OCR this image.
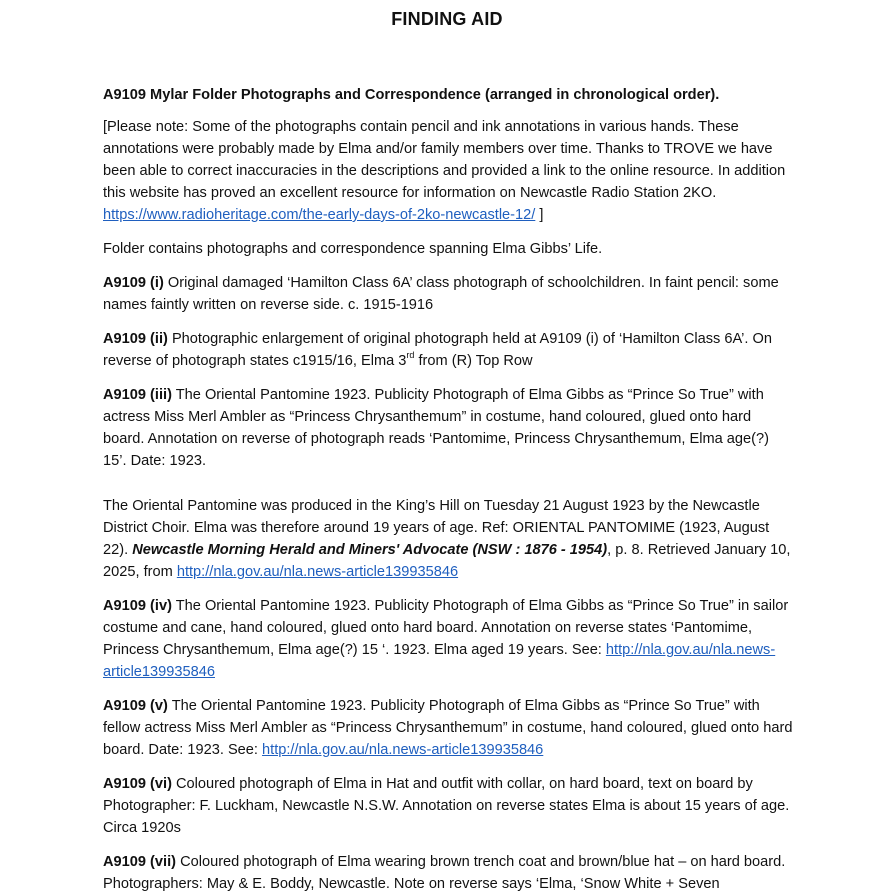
FINDING AID

A9109 Mylar Folder Photographs and Correspondence (arranged in chronological order).

[Please note: Some of the photographs contain pencil and ink annotations in various hands. These annotations were probably made by Elma and/or family members over time. Thanks to TROVE we have been able to correct inaccuracies in the descriptions and provided a link to the online resource. In addition this website has proved an excellent resource for information on Newcastle Radio Station 2KO. https://www.radioheritage.com/the-early-days-of-2ko-newcastle-12/ ]

Folder contains photographs and correspondence spanning Elma Gibbs’ Life.

A9109 (i) Original damaged ‘Hamilton Class 6A’ class photograph of schoolchildren. In faint pencil: some names faintly written on reverse side. c. 1915-1916

A9109 (ii) Photographic enlargement of original photograph held at A9109 (i) of ‘Hamilton Class 6A’. On reverse of photograph states c1915/16, Elma 3rd from (R) Top Row

A9109 (iii) The Oriental Pantomine 1923. Publicity Photograph of Elma Gibbs as “Prince So True” with actress Miss Merl Ambler as “Princess Chrysanthemum” in costume, hand coloured, glued onto hard board. Annotation on reverse of photograph reads ‘Pantomime, Princess Chrysanthemum, Elma age(?) 15’. Date: 1923.

The Oriental Pantomine was produced in the King’s Hill on Tuesday 21 August 1923 by the Newcastle District Choir. Elma was therefore around 19 years of age. Ref: ORIENTAL PANTOMIME (1923, August 22). Newcastle Morning Herald and Miners' Advocate (NSW : 1876 - 1954), p. 8. Retrieved January 10, 2025, from http://nla.gov.au/nla.news-article139935846

A9109 (iv) The Oriental Pantomine 1923. Publicity Photograph of Elma Gibbs as “Prince So True” in sailor costume and cane, hand coloured, glued onto hard board. Annotation on reverse states ‘Pantomime, Princess Chrysanthemum, Elma age(?) 15 ‘. 1923. Elma aged 19 years. See: http://nla.gov.au/nla.news-article139935846

A9109 (v) The Oriental Pantomine 1923. Publicity Photograph of Elma Gibbs as “Prince So True” with fellow actress Miss Merl Ambler as “Princess Chrysanthemum” in costume, hand coloured, glued onto hard board. Date: 1923. See: http://nla.gov.au/nla.news-article139935846

A9109 (vi) Coloured photograph of Elma in Hat and outfit with collar, on hard board, text on board by Photographer: F. Luckham, Newcastle N.S.W. Annotation on reverse states Elma is about 15 years of age. Circa 1920s

A9109 (vii) Coloured photograph of Elma wearing brown trench coat and brown/blue hat – on hard board. Photographers: May & E. Boddy, Newcastle. Note on reverse says ‘Elma, ‘Snow White + Seven
